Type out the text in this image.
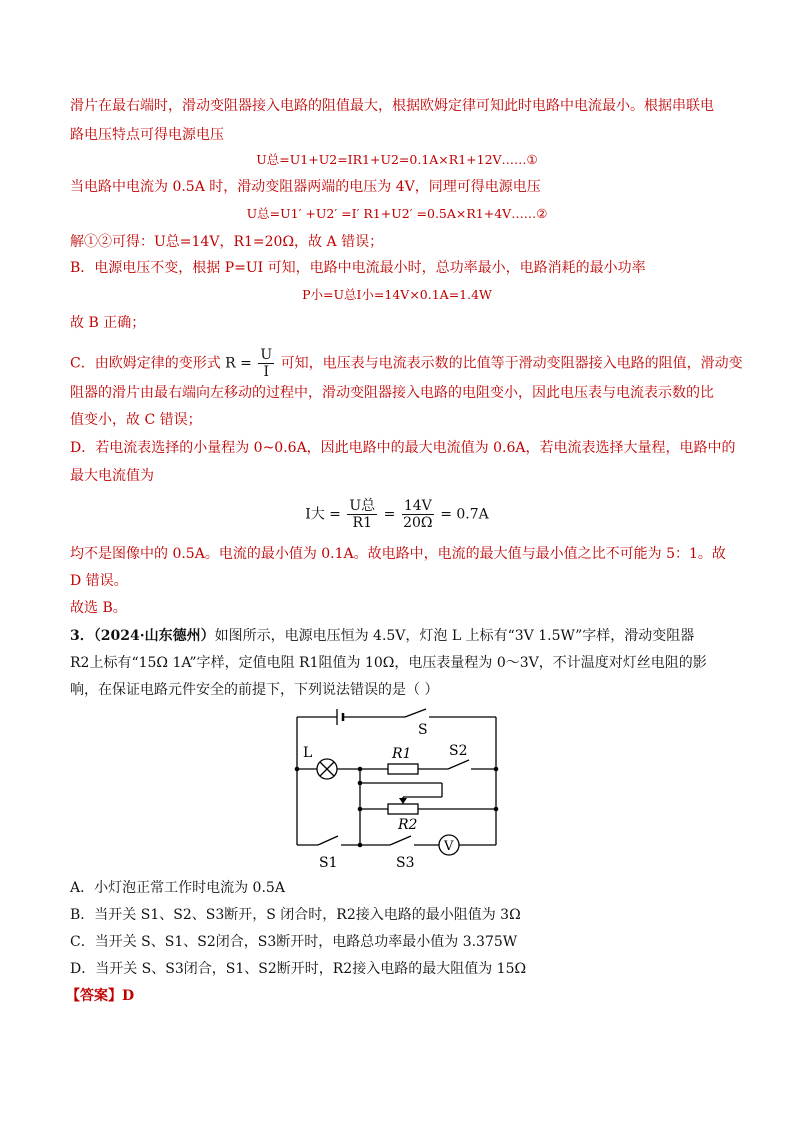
滑片在最右端时，滑动变阻器接入电路的阻值最大，根据欧姆定律可知此时电路中电流最小。根据串联电
路电压特点可得电源电压
U总=U1+U2=IR1+U2=0.1A×R1+12V……①
当电路中电流为 0.5A 时，滑动变阻器两端的电压为 4V，同理可得电源电压
U总=U1′ +U2′ =I′ R1+U2′ =0.5A×R1+4V……②
解①②可得：U总=14V，R1=20Ω，故 A 错误；
B．电源电压不变，根据 P=UI 可知，电路中电流最小时，总功率最小，电路消耗的最小功率
P小=U总I小=14V×0.1A=1.4W
故 B 正确；
C．由欧姆定律的变形式 $R = \frac{U}{I}$ 可知，电压表与电流表示数的比值等于滑动变阻器接入电路的阻值，滑动变
阻器的滑片由最右端向左移动的过程中，滑动变阻器接入电路的电阻变小，因此电压表与电流表示数的比
值变小，故 C 错误；
D．若电流表选择的小量程为 0~0.6A，因此电路中的最大电流值为 0.6A，若电流表选择大量程，电路中的
最大电流值为
I大 = $\frac{\text{U总}}{R1} = \frac{14V}{20\Omega} = 0.7A$
均不是图像中的 0.5A。电流的最小值为 0.1A。故电路中，电流的最大值与最小值之比不可能为 5：1。故
D 错误。
故选 B。
3．（2024·山东德州）如图所示，电源电压恒为 4.5V，灯泡 L 上标有“3V 1.5W”字样，滑动变阻器
R2上标有“15Ω 1A”字样，定值电阻 R1阻值为 10Ω，电压表量程为 0～3V，不计温度对灯丝电阻的影
响，在保证电路元件安全的前提下，下列说法错误的是（ ）
S
L	R1	S2
R2
V
S1	S3
A．小灯泡正常工作时电流为 0.5A
B．当开关 S1、S2、S3断开，S 闭合时，R2接入电路的最小阻值为 3Ω
C．当开关 S、S1、S2闭合，S3断开时，电路总功率最小值为 3.375W
D．当开关 S、S3闭合，S1、S2断开时，R2接入电路的最大阻值为 15Ω
【答案】D
